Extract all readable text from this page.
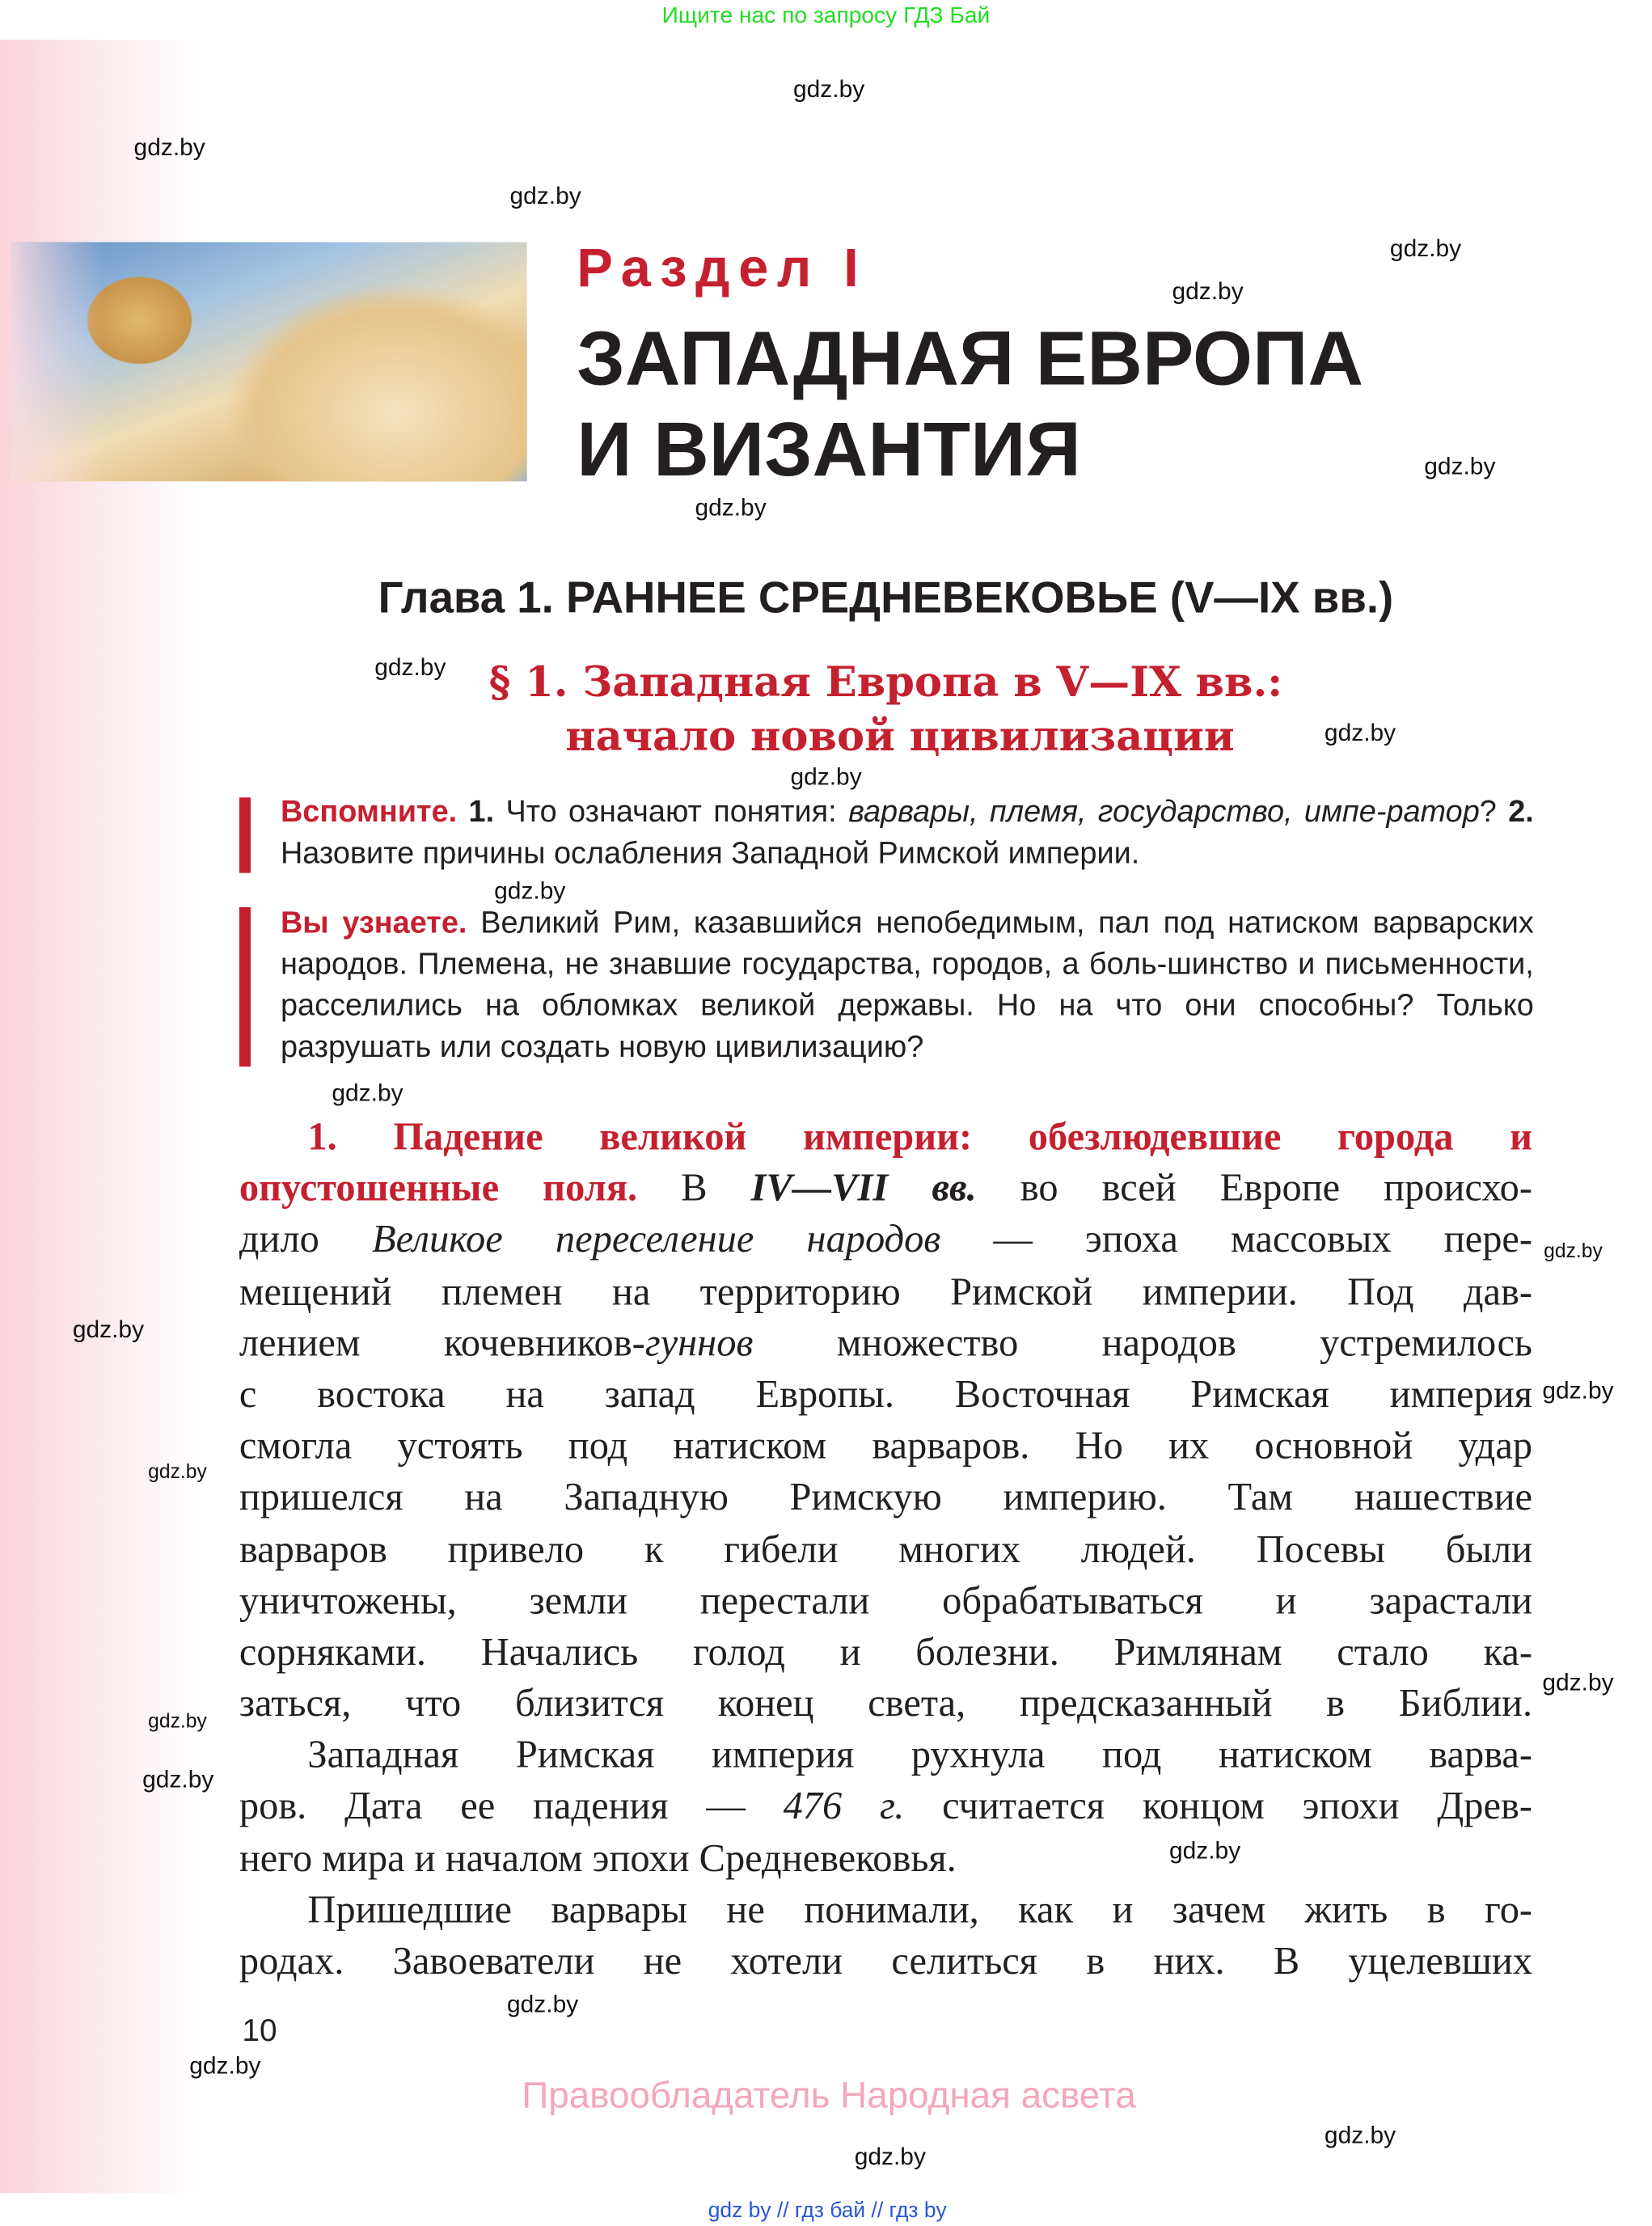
Ищите нас по запросу ГДЗ Бай
Раздел I
ЗАПАДНАЯ ЕВРОПА
И ВИЗАНТИЯ
Глава 1. РАННЕЕ СРЕДНЕВЕКОВЬЕ (V—IX вв.)
§ 1. Западная Европа в V—IX вв.:
начало новой цивилизации
Вспомните. 1. Что означают понятия: варвары, племя, государство, импе-ратор? 2. Назовите причины ослабления Западной Римской империи.
Вы узнаете. Великий Рим, казавшийся непобедимым, пал под натиском варварских народов. Племена, не знавшие государства, городов, а боль-шинство и письменности, расселились на обломках великой державы. Но на что они способны? Только разрушать или создать новую цивилизацию?
1. Падение великой империи: обезлюдевшие города и
опустошенные поля. В IV—VII вв. во всей Европе происхо-
дило Великое переселение народов — эпоха массовых пере-
мещений племен на территорию Римской империи. Под дав-
лением кочевников-гуннов множество народов устремилось
с востока на запад Европы. Восточная Римская империя
смогла устоять под натиском варваров. Но их основной удар
пришелся на Западную Римскую империю. Там нашествие
варваров привело к гибели многих людей. Посевы были
уничтожены, земли перестали обрабатываться и зарастали
сорняками. Начались голод и болезни. Римлянам стало ка-
заться, что близится конец света, предсказанный в Библии.
Западная Римская империя рухнула под натиском варва-
ров. Дата ее падения — 476 г. считается концом эпохи Древ-
него мира и началом эпохи Средневековья.
Пришедшие варвары не понимали, как и зачем жить в го-
родах. Завоеватели не хотели селиться в них. В уцелевших
10
Правообладатель Народная асвета
gdz by // гдз бай // гдз by
gdz.by
gdz.by
gdz.by
gdz.by
gdz.by
gdz.by
gdz.by
gdz.by
gdz.by
gdz.by
gdz.by
gdz.by
gdz.by
gdz.by
gdz.by
gdz.by
gdz.by
gdz.by
gdz.by
gdz.by
gdz.by
gdz.by
gdz.by
gdz.by
